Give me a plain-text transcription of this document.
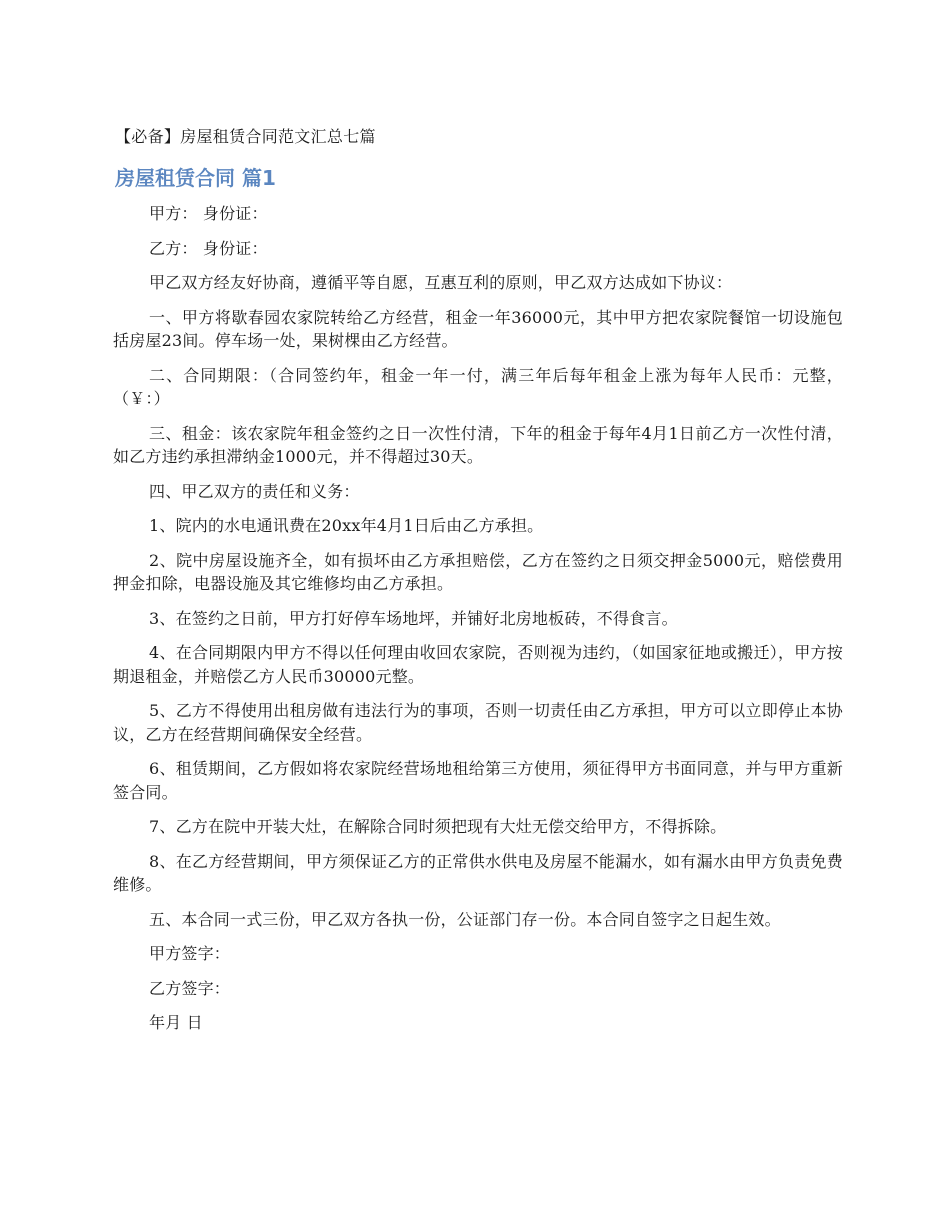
【必备】房屋租赁合同范文汇总七篇
房屋租赁合同 篇1

甲方： 身份证：

乙方： 身份证：

甲乙双方经友好协商，遵循平等自愿，互惠互利的原则，甲乙双方达成如下协议：

一、甲方将歇春园农家院转给乙方经营，租金一年36000元，其中甲方把农家院餐馆一切设施包括房屋23间。停车场一处，果树棵由乙方经营。

二、合同期限：（合同签约年，租金一年一付，满三年后每年租金上涨为每年人民币：元整，（￥：）

三、租金：该农家院年租金签约之日一次性付清，下年的租金于每年4月1日前乙方一次性付清，如乙方违约承担滞纳金1000元，并不得超过30天。

四、甲乙双方的责任和义务：

1、院内的水电通讯费在20xx年4月1日后由乙方承担。

2、院中房屋设施齐全，如有损坏由乙方承担赔偿，乙方在签约之日须交押金5000元，赔偿费用押金扣除，电器设施及其它维修均由乙方承担。

3、在签约之日前，甲方打好停车场地坪，并铺好北房地板砖，不得食言。

4、在合同期限内甲方不得以任何理由收回农家院，否则视为违约，（如国家征地或搬迁），甲方按期退租金，并赔偿乙方人民币30000元整。

5、乙方不得使用出租房做有违法行为的事项，否则一切责任由乙方承担，甲方可以立即停止本协议，乙方在经营期间确保安全经营。

6、租赁期间，乙方假如将农家院经营场地租给第三方使用，须征得甲方书面同意，并与甲方重新签合同。

7、乙方在院中开装大灶，在解除合同时须把现有大灶无偿交给甲方，不得拆除。

8、在乙方经营期间，甲方须保证乙方的正常供水供电及房屋不能漏水，如有漏水由甲方负责免费维修。

五、本合同一式三份，甲乙双方各执一份，公证部门存一份。本合同自签字之日起生效。

甲方签字：

乙方签字：

年月 日
